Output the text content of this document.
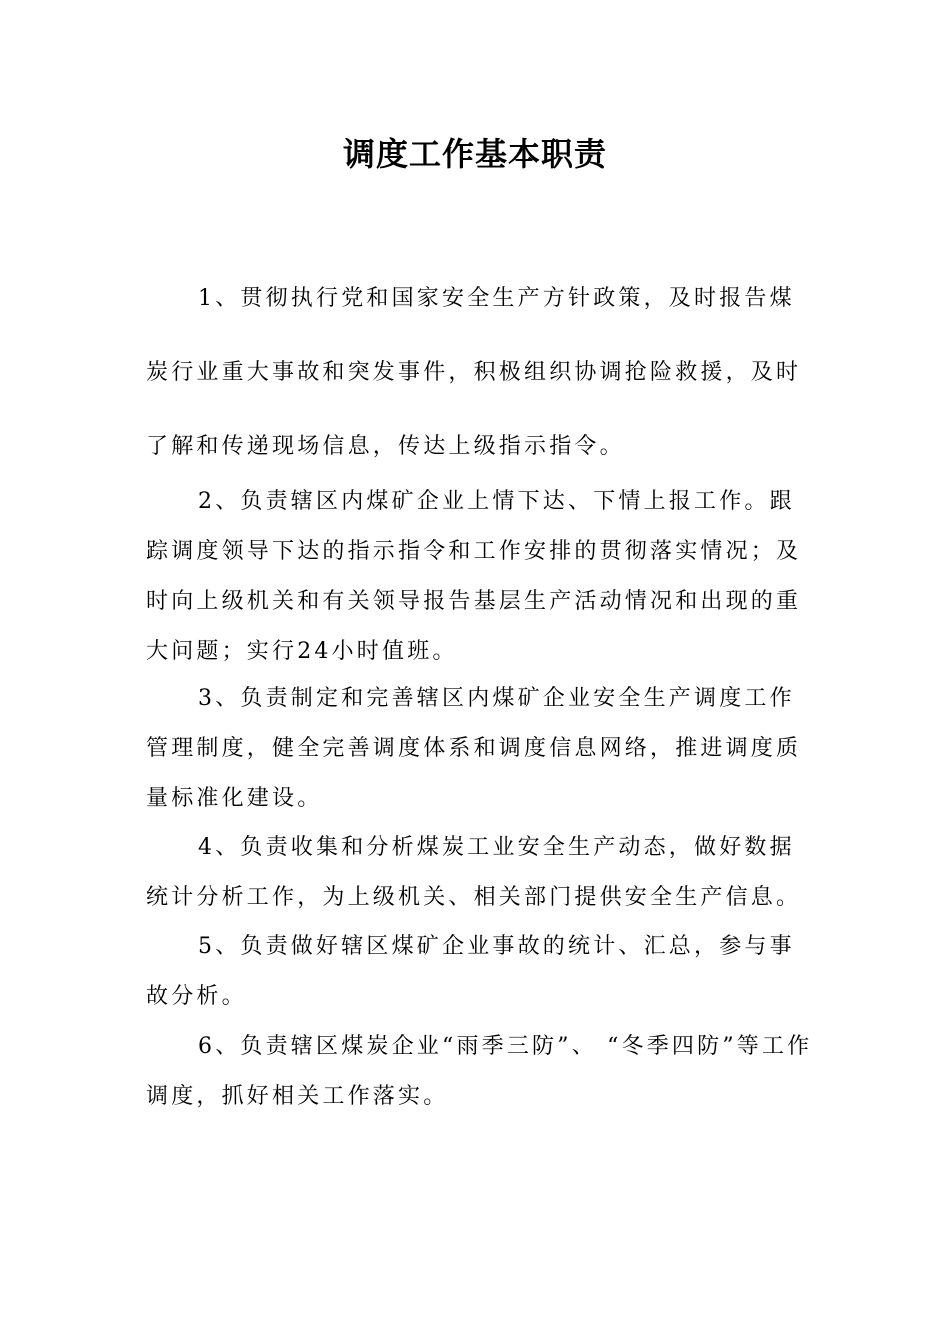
调度工作基本职责

1、贯彻执行党和国家安全生产方针政策，及时报告煤炭行业重大事故和突发事件，积极组织协调抢险救援，及时了解和传递现场信息，传达上级指示指令。

2、负责辖区内煤矿企业上情下达、下情上报工作。跟踪调度领导下达的指示指令和工作安排的贯彻落实情况；及时向上级机关和有关领导报告基层生产活动情况和出现的重大问题；实行24小时值班。

3、负责制定和完善辖区内煤矿企业安全生产调度工作管理制度，健全完善调度体系和调度信息网络，推进调度质量标准化建设。

4、负责收集和分析煤炭工业安全生产动态，做好数据统计分析工作，为上级机关、相关部门提供安全生产信息。

5、负责做好辖区煤矿企业事故的统计、汇总，参与事故分析。

6、负责辖区煤炭企业“雨季三防”、 “冬季四防”等工作调度，抓好相关工作落实。
